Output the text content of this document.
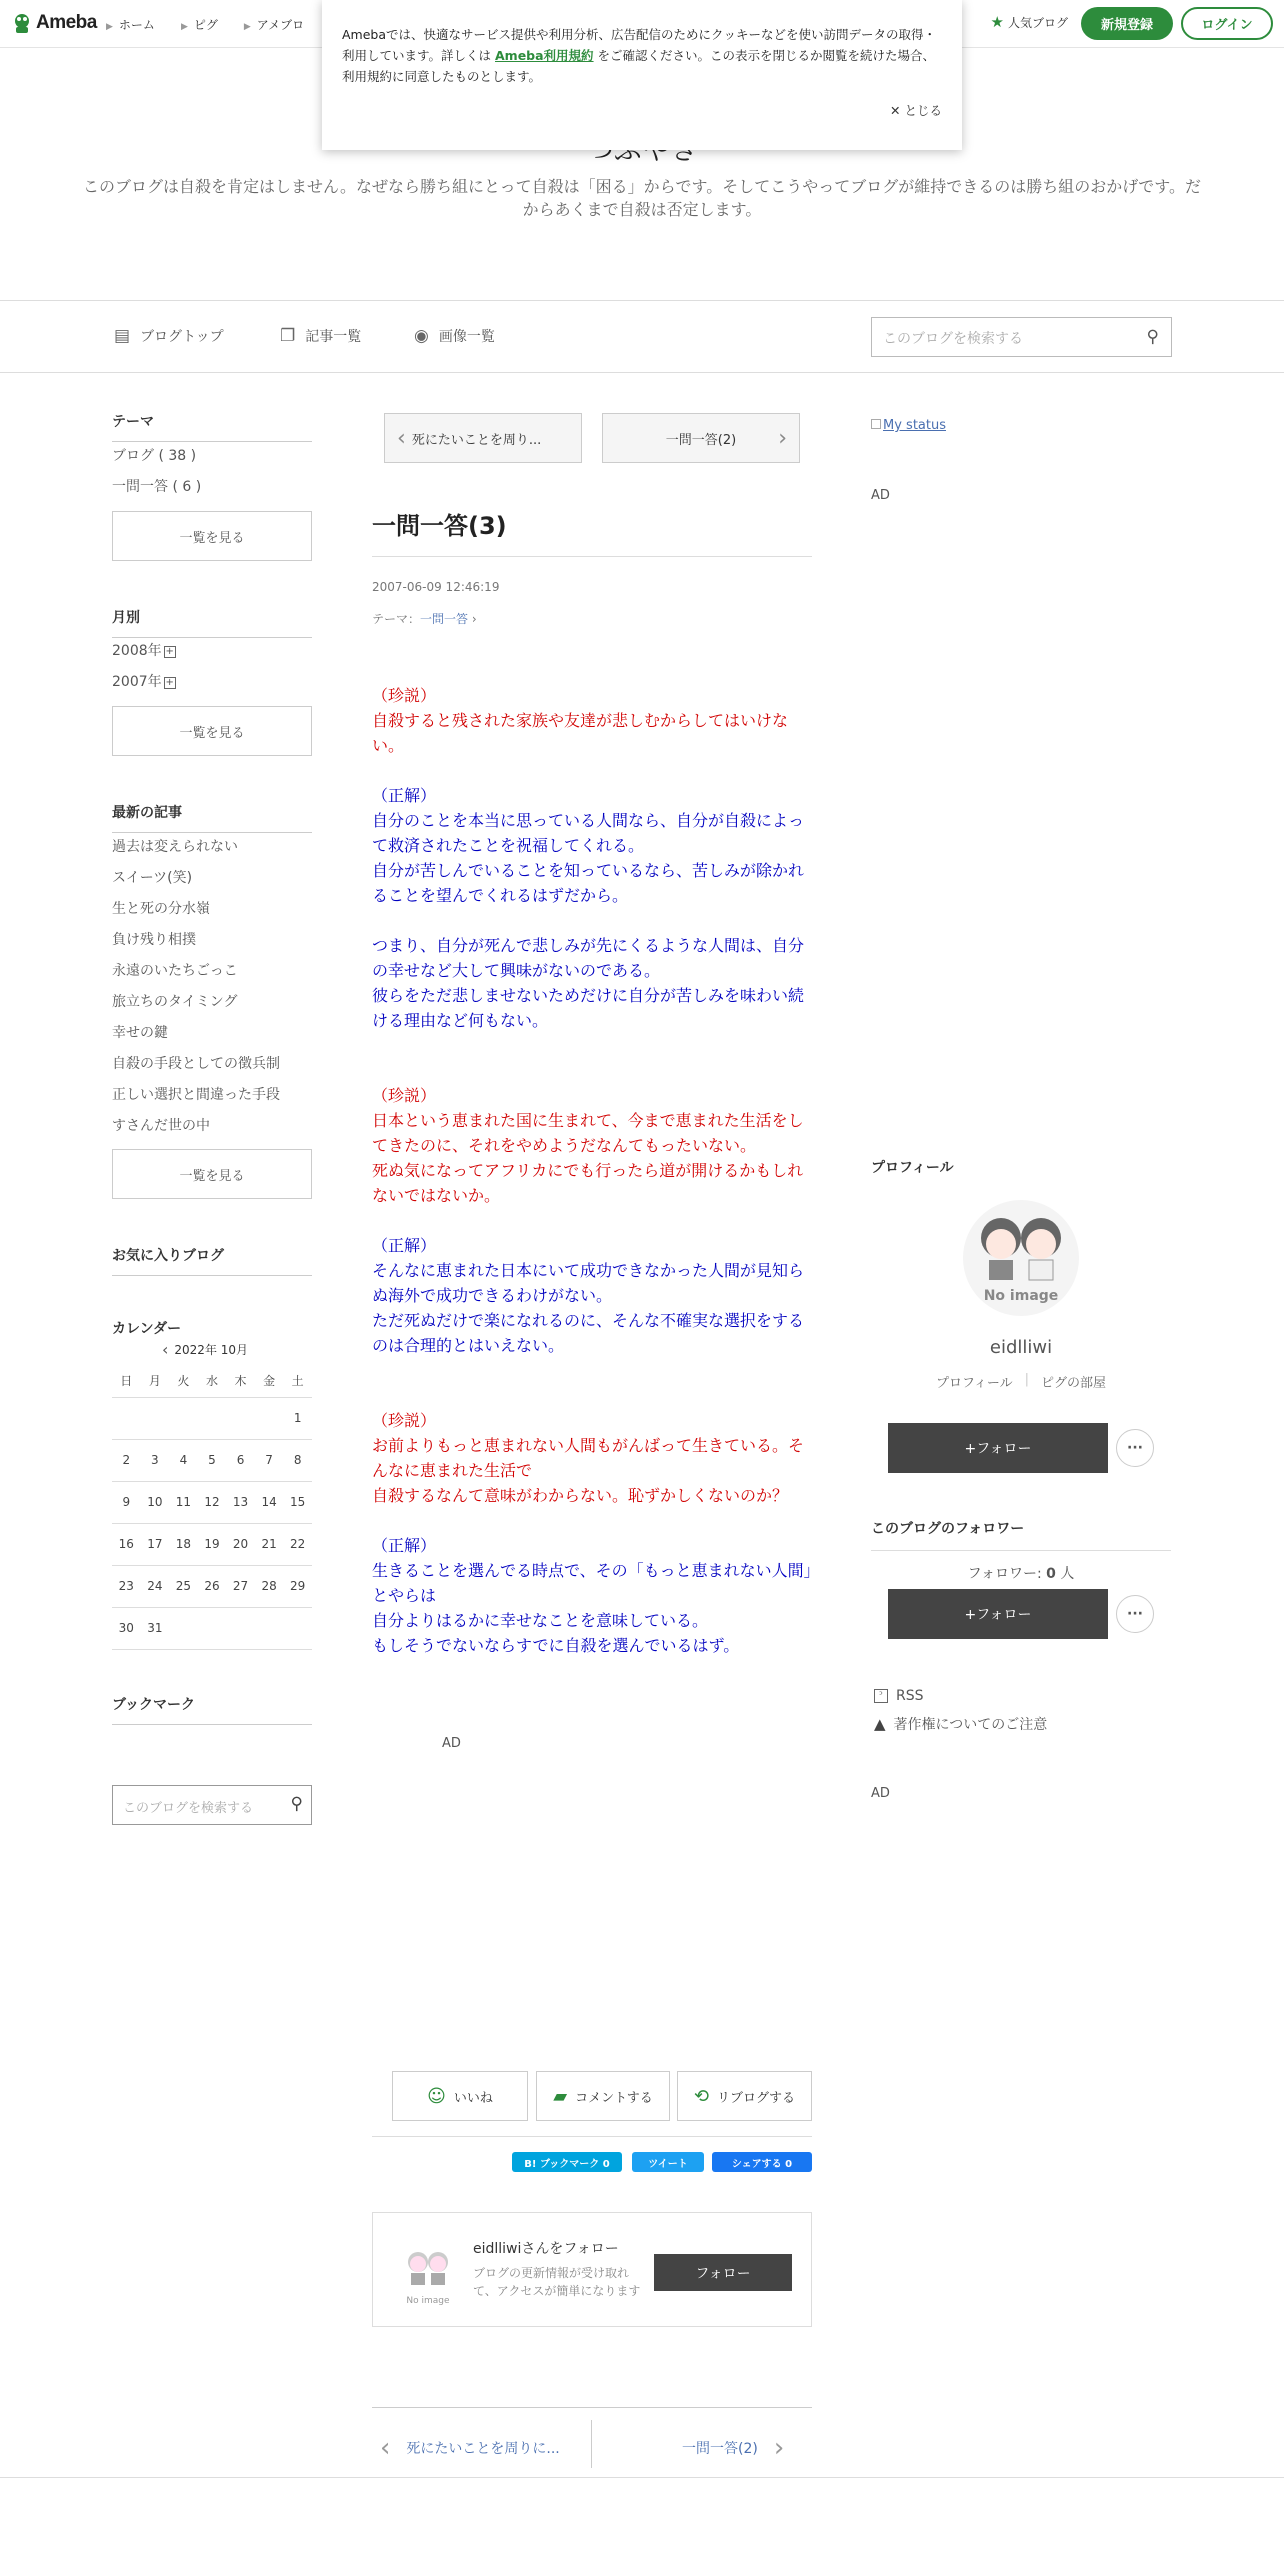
Ameba ▶ ホーム	▶ ピグ	▶ アメブロ	★ 人気ブログ	新規登録	ログイン
このブログは自殺を肯定はしません。なぜなら勝ち組にとって自殺は「困る」からです。そしてこうやってブログが維持できるのは勝ち組のおかげです。だからあくまで自殺は否定します。
Amebaでは、快適なサービス提供や利用分析、広告配信のためにクッキーなどを使い訪問データの取得・利用しています。詳しくは Ameba利用規約 をご確認ください。この表示を閉じるか閲覧を続けた場合、利用規約に同意したものとします。
✕ とじる
▤ ブログトップ	❐ 記事一覧	◉ 画像一覧	このブログを検索する	⚲
テーマ
ブログ ( 38 )
一問一答 ( 6 )
一覧を見る
月別
2008年 +
2007年 +
一覧を見る
最新の記事
過去は変えられない
スイーツ(笑)
生と死の分水嶺
負け残り相撲
永遠のいたちごっこ
旅立ちのタイミング
幸せの鍵
自殺の手段としての徴兵制
正しい選択と間違った手段
すさんだ世の中
一覧を見る
お気に入りブログ
カレンダー
‹ 2022年 10月
日	月	火	水	木	金	土
						1
2	3	4	5	6	7	8
9	10	11	12	13	14	15
16	17	18	19	20	21	22
23	24	25	26	27	28	29
30	31					
ブックマーク
このブログを検索する ⚲
‹ 死にたいことを周り...	一問一答(2) ›
一問一答(3)
2007-06-09 12:46:19
テーマ：一問一答 ›

（珍説）

自殺すると残された家族や友達が悲しむからしてはいけない。

（正解）

自分のことを本当に思っている人間なら、自分が自殺によって救済されたことを祝福してくれる。

自分が苦しんでいることを知っているなら、苦しみが除かれることを望んでくれるはずだから。

つまり、自分が死んで悲しみが先にくるような人間は、自分の幸せなど大して興味がないのである。

彼らをただ悲しませないためだけに自分が苦しみを味わい続ける理由など何もない。

（珍説）

日本という恵まれた国に生まれて、今まで恵まれた生活をしてきたのに、それをやめようだなんてもったいない。

死ぬ気になってアフリカにでも行ったら道が開けるかもしれないではないか。

（正解）

そんなに恵まれた日本にいて成功できなかった人間が見知らぬ海外で成功できるわけがない。

ただ死ぬだけで楽になれるのに、そんな不確実な選択をするのは合理的とはいえない。

（珍説）

お前よりもっと恵まれない人間もがんばって生きている。そんなに恵まれた生活で

自殺するなんて意味がわからない。恥ずかしくないのか？

（正解）

生きることを選んでる時点で、その「もっと恵まれない人間」とやらは

自分よりはるかに幸せなことを意味している。

もしそうでないならすでに自殺を選んでいるはず。

AD
☺ いいね	▰ コメントする ⟲ リブログする
B! ブックマーク 0	ツイート	シェアする 0
No image
eidlliwiさんをフォロー
ブログの更新情報が受け取れて、アクセスが簡単になります
フォロー
‹ 死にたいことを周りに...	一問一答(2) ›
My status
AD
プロフィール
No image
eidlliwi
プロフィール | ピグの部屋
+フォロー	···
このブログのフォロワー
フォロワー: 0 人
+フォロー	···
ᵓ RSS
▲ 著作権についてのご注意
AD
